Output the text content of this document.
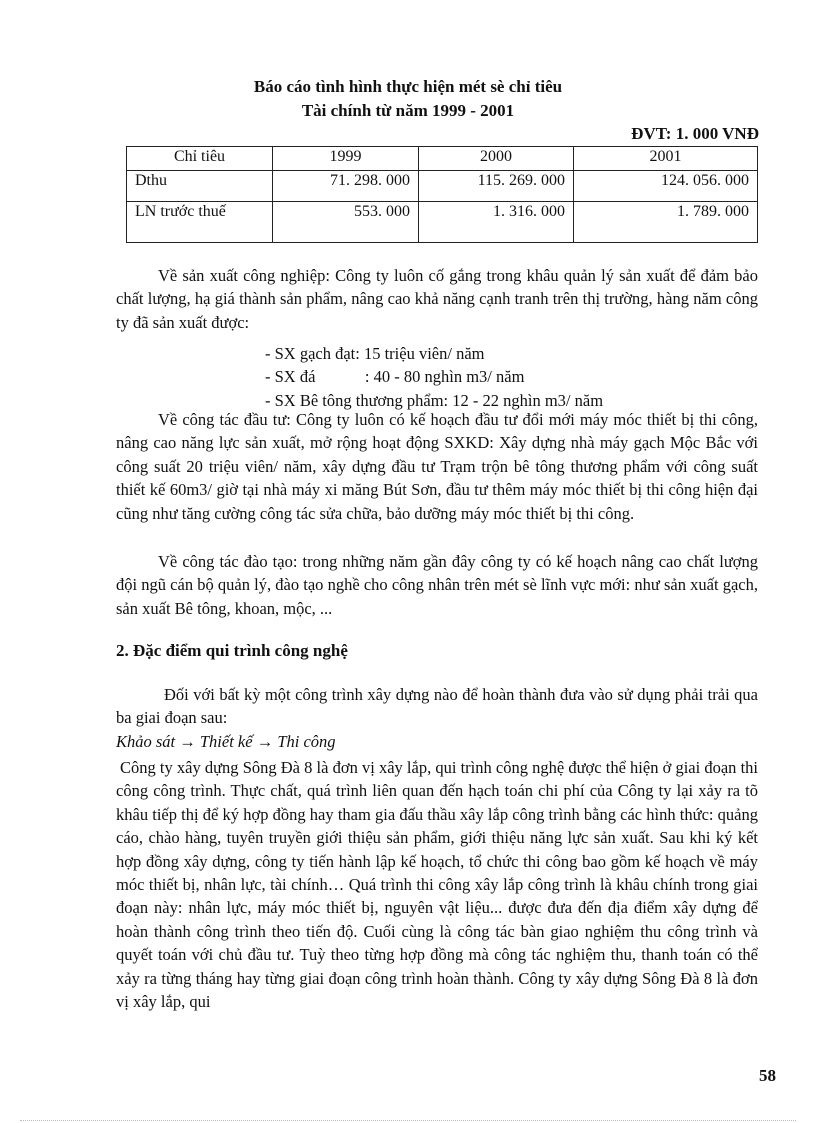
Báo cáo tình hình thực hiện mét sè chỉ tiêu
Tài chính từ năm 1999 - 2001
ĐVT: 1. 000 VNĐ
Chỉ tiêu	1999	2000	2001
Dthu	71. 298. 000	115. 269. 000	124. 056. 000
LN trước thuế	553. 000	1. 316. 000	1. 789. 000

Về sản xuất công nghiệp: Công ty luôn cố gắng trong khâu quản lý sản xuất để đảm bảo chất lượng, hạ giá thành sản phẩm, nâng cao khả năng cạnh tranh trên thị trường, hàng năm công ty đã sản xuất được:

- SX gạch đạt: 15 triệu viên/ năm
- SX đá            : 40 - 80 nghìn m3/ năm
- SX Bê tông thương phẩm: 12 - 22 nghìn m3/ năm

Về công tác đầu tư: Công ty luôn có kế hoạch đầu tư đổi mới máy móc thiết bị thi công, nâng cao năng lực sản xuất, mở rộng hoạt động SXKD: Xây dựng nhà máy gạch Mộc Bắc với công suất 20 triệu viên/ năm, xây dựng đầu tư Trạm trộn bê tông thương phẩm với công suất thiết kế 60m3/ giờ tại nhà máy xi măng Bút Sơn, đầu tư thêm máy móc thiết bị thi công hiện đại cũng như tăng cường công tác sửa chữa, bảo dưỡng máy móc thiết bị thi công.

Về công tác đào tạo: trong những năm gần đây công ty có kế hoạch nâng cao chất lượng đội ngũ cán bộ quản lý, đào tạo nghề cho công nhân trên mét sè lĩnh vực mới: như sản xuất gạch, sản xuất Bê tông, khoan, mộc, ...

2. Đặc điểm qui trình công nghệ

Đối với bất kỳ một công trình xây dựng nào để hoàn thành đưa vào sử dụng phải trải qua ba giai đoạn sau:

Khảo sát → Thiết kế → Thi công

Công ty xây dựng Sông Đà 8 là đơn vị xây lắp, qui trình công nghệ được thể hiện ở giai đoạn thi công công trình. Thực chất, quá trình liên quan đến hạch toán chi phí của Công ty lại xảy ra tõ khâu tiếp thị để ký hợp đồng hay tham gia đấu thầu xây lắp công trình bằng các hình thức: quảng cáo, chào hàng, tuyên truyền giới thiệu sản phẩm, giới thiệu năng lực sản xuất. Sau khi ký kết hợp đồng xây dựng, công ty tiến hành lập kế hoạch, tổ chức thi công bao gồm kế hoạch về máy móc thiết bị, nhân lực, tài chính… Quá trình thi công xây lắp công trình là khâu chính trong giai đoạn này: nhân lực, máy móc thiết bị, nguyên vật liệu... được đưa đến địa điểm xây dựng để hoàn thành công trình theo tiến độ. Cuối cùng là công tác bàn giao nghiệm thu công trình và quyết toán với chủ đầu tư. Tuỳ theo từng hợp đồng mà công tác nghiệm thu, thanh toán có thể xảy ra từng tháng hay từng giai đoạn công trình hoàn thành. Công ty xây dựng Sông Đà 8 là đơn vị xây lắp, qui

58
